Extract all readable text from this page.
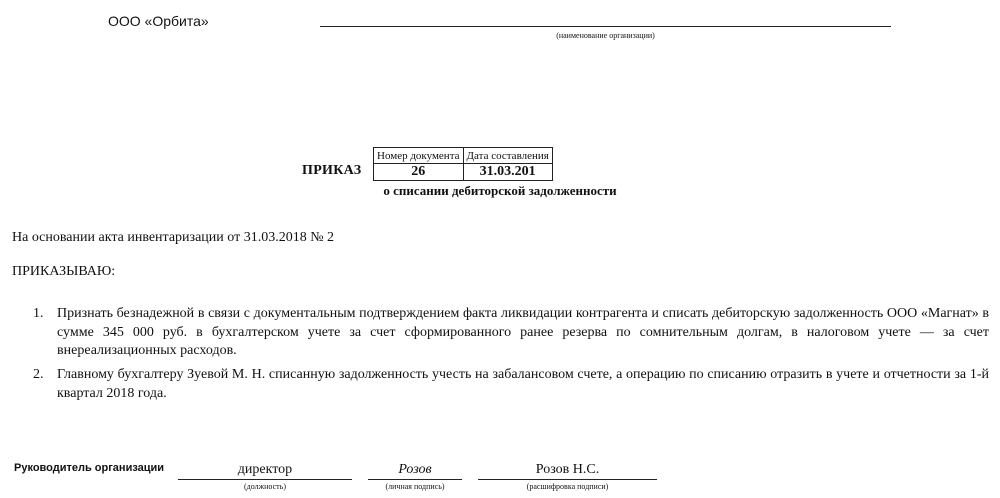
ООО «Орбита»
(наименование организации)
ПРИКАЗ
Номер документа	Дата составления
26	31.03.201
о списании дебиторской задолженности
На основании акта инвентаризации от 31.03.2018 № 2
ПРИКАЗЫВАЮ:
1. Признать безнадежной в связи с документальным подтверждением факта ликвидации контрагента и списать дебиторскую задолженность ООО «Магнат» в сумме 345 000 руб. в бухгалтерском учете за счет сформированного ранее резерва по сомнительным долгам, в налоговом учете — за счет внереализационных расходов.
2. Главному бухгалтеру Зуевой М. Н. списанную задолженность учесть на забалансовом счете, а операцию по списанию отразить в учете и отчетности за 1-й квартал 2018 года.
Руководитель организации	директор
(должность)
Розов
(личная подпись)
Розов Н.С.
(расшифровка подписи)
